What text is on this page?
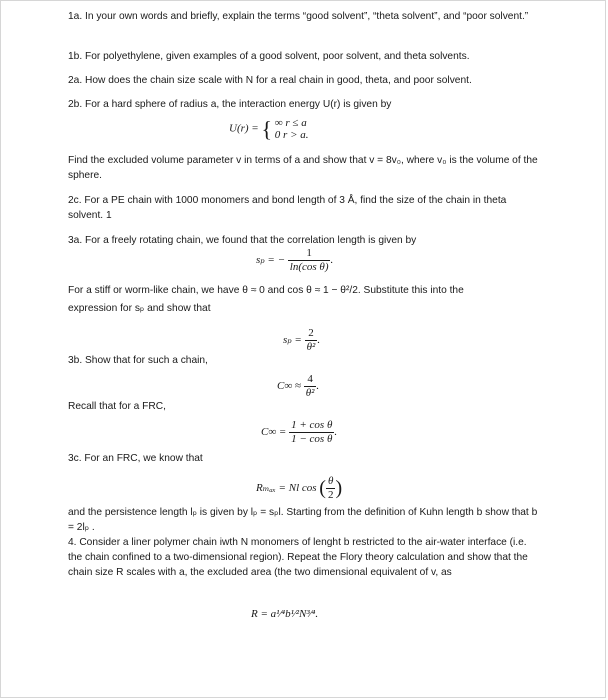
1a. In your own words and briefly, explain the terms “good solvent”, “theta solvent”, and “poor solvent.”

1b. For polyethylene, given examples of a good solvent, poor solvent, and theta solvents.

2a. How does the chain size scale with N for a real chain in good, theta, and poor solvent.

2b. For a hard sphere of radius a, the interaction energy U(r) is given by

U(r) = { ∞ r ≤ a
0 r > a.

Find the excluded volume parameter v in terms of a and show that v = 8v₀, where v₀ is the volume of the sphere.

2c. For a PE chain with 1000 monomers and bond length of 3 Å, find the size of the chain in theta solvent. 1

3a. For a freely rotating chain, we found that the correlation length is given by

sₚ = − $\frac{1}{\text{ln(cos θ)}}$ .

For a stiff or worm-like chain, we have θ ≈ 0 and cos θ ≈ 1 − θ²/2. Substitute this into the

expression for sₚ and show that

$s_p = \frac{2}{\text{θ²}}$ .

3b. Show that for such a chain,

$C\infty \approx \frac{4}{\text{θ²}}$ .

Recall that for a FRC,

$C\infty = \frac{\text{1 + cos θ}}{\text{1 − cos θ}}$ .

3c. For an FRC, we know that

Rₘₐₓ = Nl cos ( $\frac{\theta}{2}$ )

and the persistence length lₚ is given by lₚ = sₚl. Starting from the definition of Kuhn length b show that b = 2lₚ .

4. Consider a liner polymer chain iwth N monomers of lenght b restricted to the air-water interface (i.e. the chain confined to a two-dimensional region). Repeat the Flory theory calculation and show that the chain size R scales with a, the excluded area (the two dimensional equivalent of v, as

R = a¹⁄⁴b¹⁄²N³⁄⁴.
